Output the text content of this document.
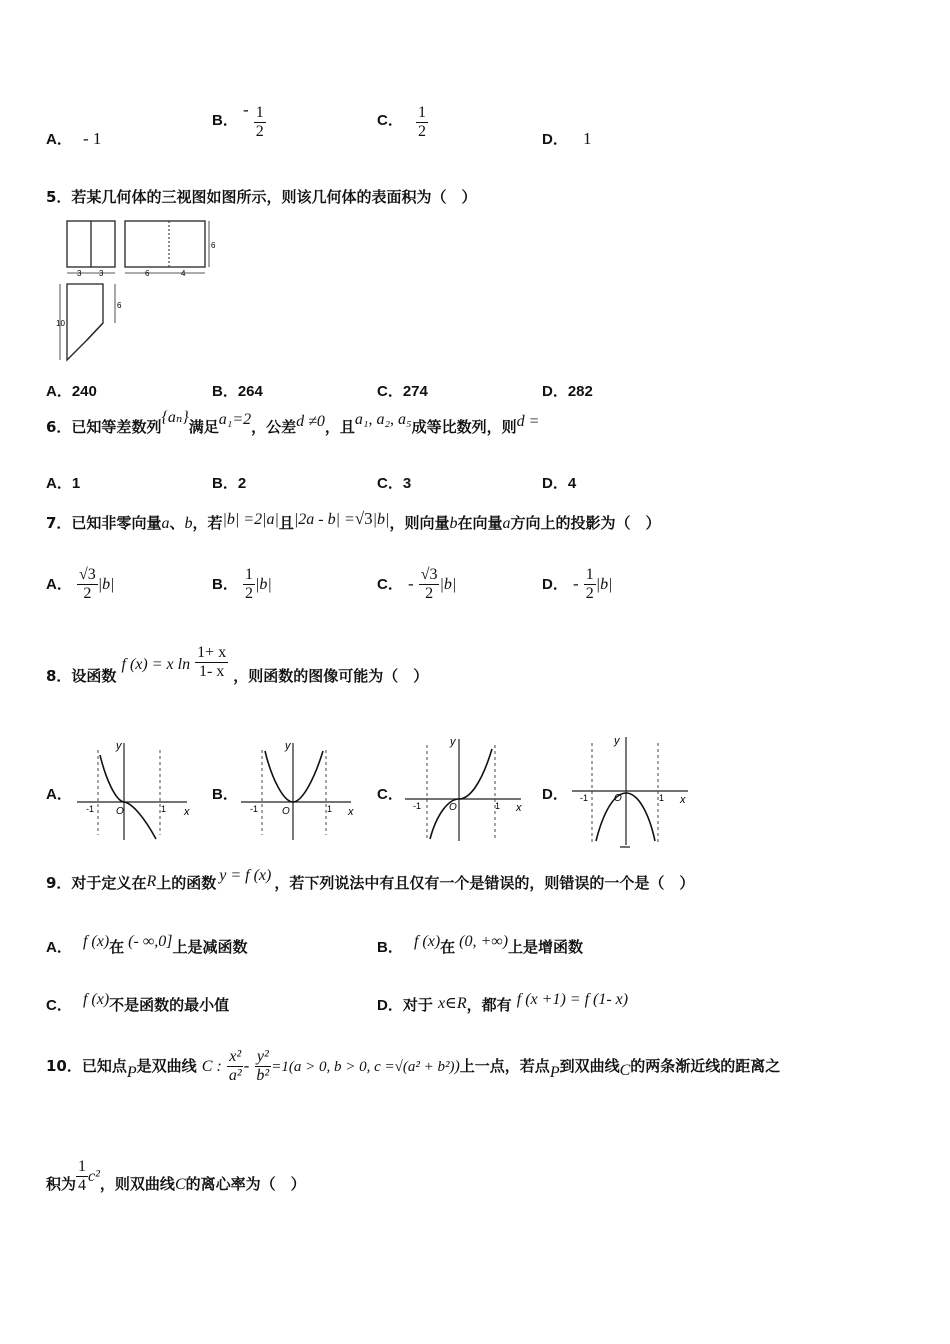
A． - 1
B． - $\frac{1}{2}$	C． $\frac{1}{2}$	D． 1
5．若某几何体的三视图如图所示，则该几何体的表面积为（　）
3 3	6	4
6
10
6
A．240	B．264	C．274	D．282
6．已知等差数列{aₙ}满足a₁=2，公差d ≠0，且a₁, a₂, a₅成等比数列，则d =
A．1	B．2	C．3	D．4
7．已知非零向量a、b，若|b| =2|a|且|2a - b| =√3|b|，则向量b在向量a方向上的投影为（　）
A． $\frac{√3}{2} |b|$	B． $\frac{1}{2} |b|$	C． - $\frac{√3}{2} |b|$	D． - $\frac{1}{2} |b|$
8．设函数 f (x) = x $\ln \frac{1+ x}{1- x}$ ，则函数的图像可能为（　）
A．
y
x
O
-1	1
B．
y
x
O
-1	1
C．
y
x
O
-1	1
D．
y
x
O
-1	1
9．对于定义在R上的函数 y = f (x) ，若下列说法中有且仅有一个是错误的，则错误的一个是（　）
A． f (x)在 (- ∞,0]上是减函数	B． f (x)在 (0, +∞)上是增函数
C． f (x)不是函数的最小值	D．对于 x∈R，都有 f (x +1) = f (1- x)
10．已知点P是双曲线 C : $\frac{\text{x²}}{\text{a²}} - \frac{\text{y²}}{\text{b²}} =1(a > 0$, b > 0, c =√(a² + b²))上一点，若点P到双曲线C的两条渐近线的距离之
积为 $\frac{1}{4} c^2$，则双曲线C的离心率为（　）
